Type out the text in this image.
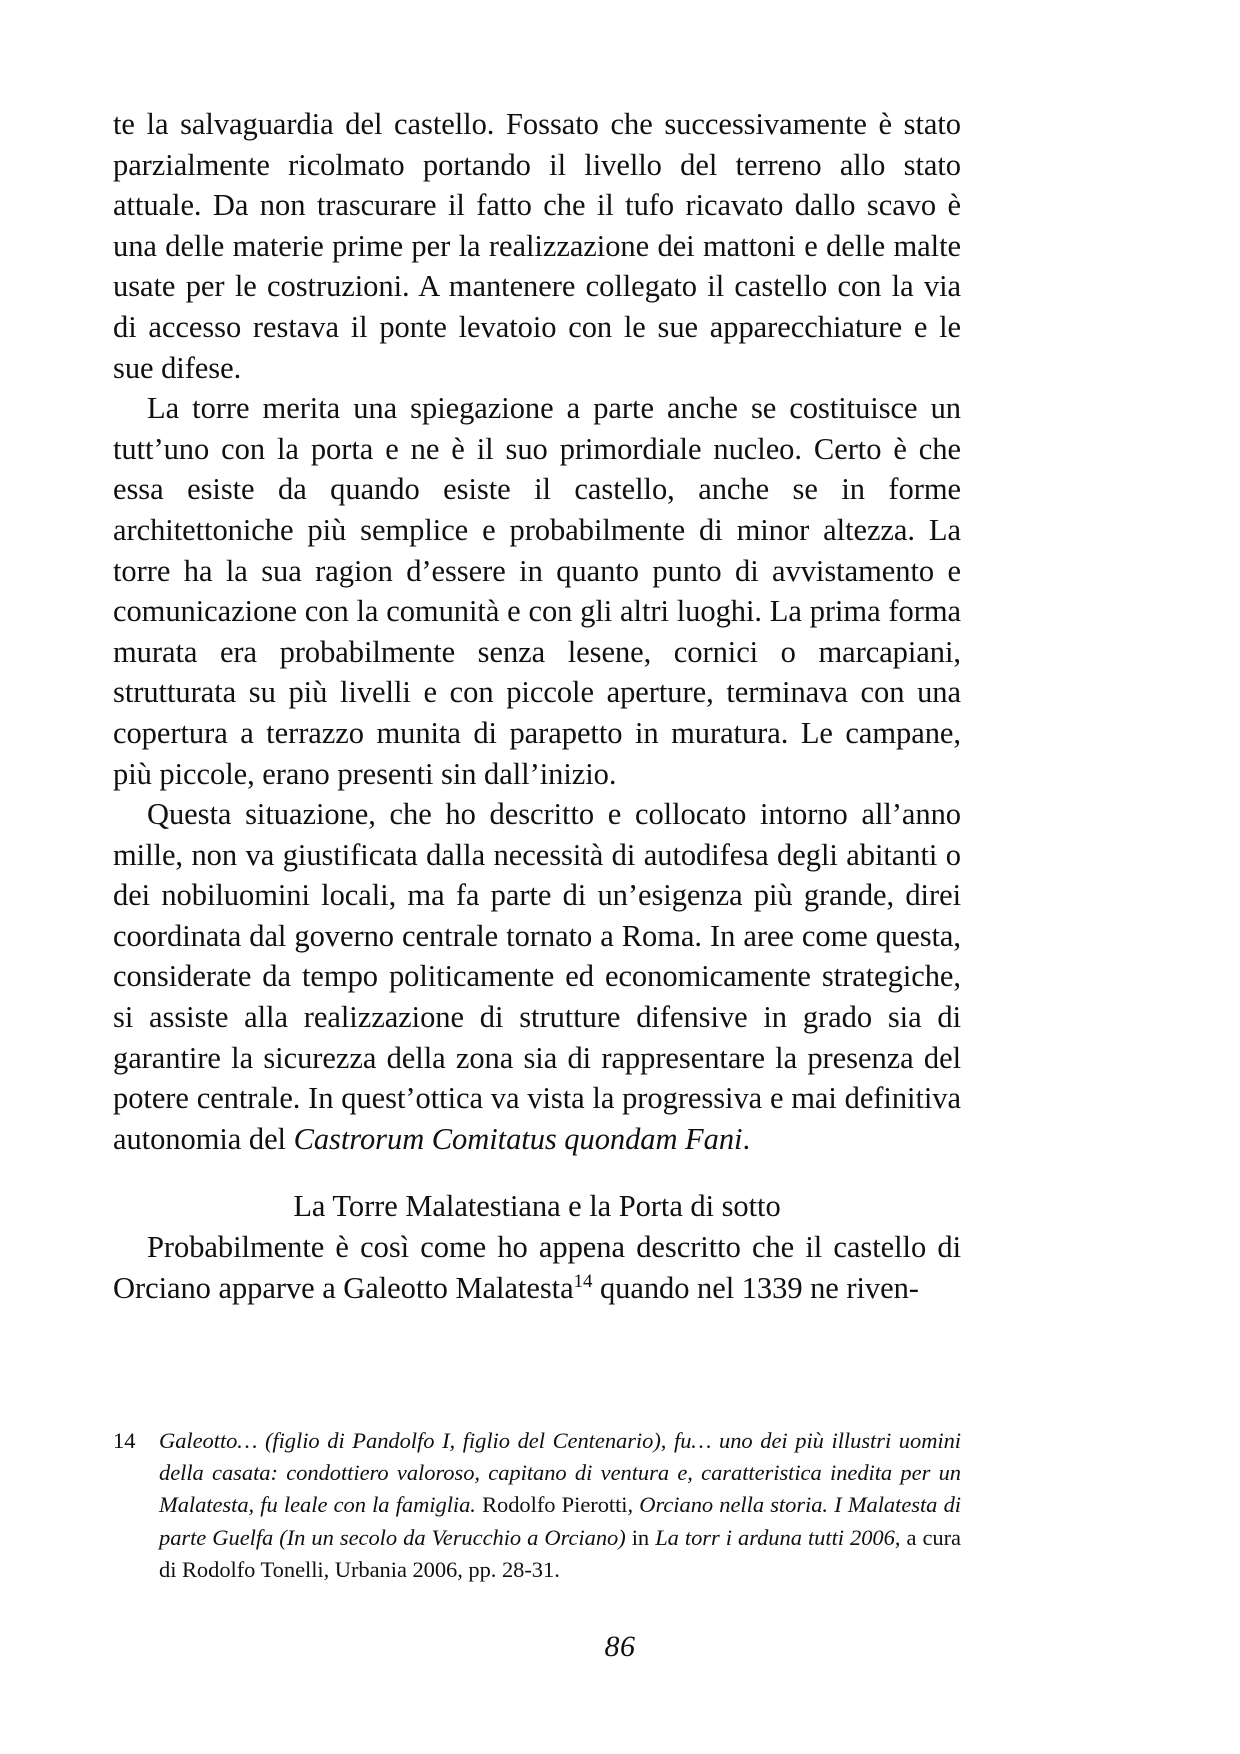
te la salvaguardia del castello. Fossato che successivamente è stato parzialmente ricolmato portando il livello del terreno allo stato attuale. Da non trascurare il fatto che il tufo ricavato dallo scavo è una delle materie prime per la realizzazione dei mattoni e delle malte usate per le costruzioni. A mantenere collegato il castello con la via di accesso restava il ponte levatoio con le sue apparecchiature e le sue difese.

La torre merita una spiegazione a parte anche se costituisce un tutt’uno con la porta e ne è il suo primordiale nucleo. Certo è che essa esiste da quando esiste il castello, anche se in forme architettoniche più semplice e probabilmente di minor altezza. La torre ha la sua ragion d’essere in quanto punto di avvistamento e comunicazione con la comunità e con gli altri luoghi. La prima forma murata era probabilmente senza lesene, cornici o marcapiani, strutturata su più livelli e con piccole aperture, terminava con una copertura a terrazzo munita di parapetto in muratura. Le campane, più piccole, erano presenti sin dall’inizio.

Questa situazione, che ho descritto e collocato intorno all’anno mille, non va giustificata dalla necessità di autodifesa degli abitanti o dei nobiluomini locali, ma fa parte di un’esigenza più grande, direi coordinata dal governo centrale tornato a Roma. In aree come questa, considerate da tempo politicamente ed economicamente strategiche, si assiste alla realizzazione di strutture difensive in grado sia di garantire la sicurezza della zona sia di rappresentare la presenza del potere centrale. In quest’ottica va vista la progressiva e mai definitiva autonomia del Castrorum Comitatus quondam Fani.

La Torre Malatestiana e la Porta di sotto

Probabilmente è così come ho appena descritto che il castello di Orciano apparve a Galeotto Malatesta$^{14}$ quando nel 1339 ne riven-

14	Galeotto… (figlio di Pandolfo I, figlio del Centenario), fu… uno dei più illustri uomini della casata: condottiero valoroso, capitano di ventura e, caratteristica inedita per un Malatesta, fu leale con la famiglia. Rodolfo Pierotti, Orciano nella storia. I Malatesta di parte Guelfa (In un secolo da Verucchio a Orciano) in La torr i arduna tutti 2006, a cura di Rodolfo Tonelli, Urbania 2006, pp. 28-31.
86
